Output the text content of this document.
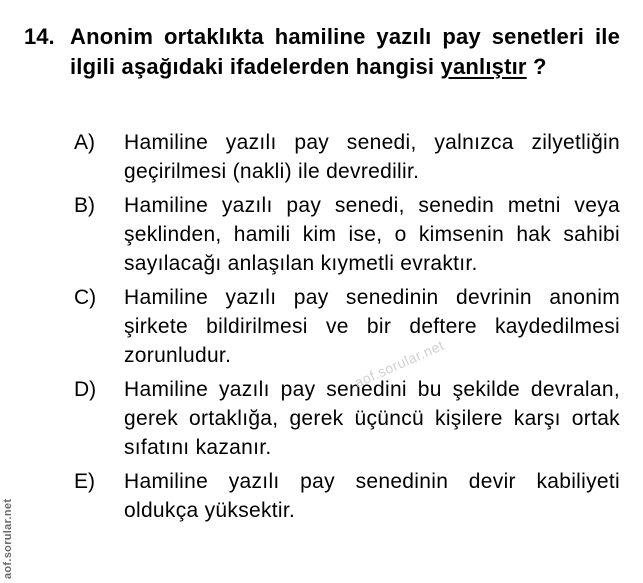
14. Anonim ortaklıkta hamiline yazılı pay senetleri ile ilgili aşağıdaki ifadelerden hangisi yanlıştır ?
A) Hamiline yazılı pay senedi, yalnızca zilyetliğin geçirilmesi (nakli) ile devredilir.
B) Hamiline yazılı pay senedi, senedin metni veya şeklinden, hamili kim ise, o kimsenin hak sahibi sayılacağı anlaşılan kıymetli evraktır.
C) Hamiline yazılı pay senedinin devrinin anonim şirkete bildirilmesi ve bir deftere kaydedilmesi zorunludur.
D) Hamiline yazılı pay senedini bu şekilde devralan, gerek ortaklığa, gerek üçüncü kişilere karşı ortak sıfatını kazanır.
E) Hamiline yazılı pay senedinin devir kabiliyeti oldukça yüksektir.
aof.sorular.net
aof.sorular.net
